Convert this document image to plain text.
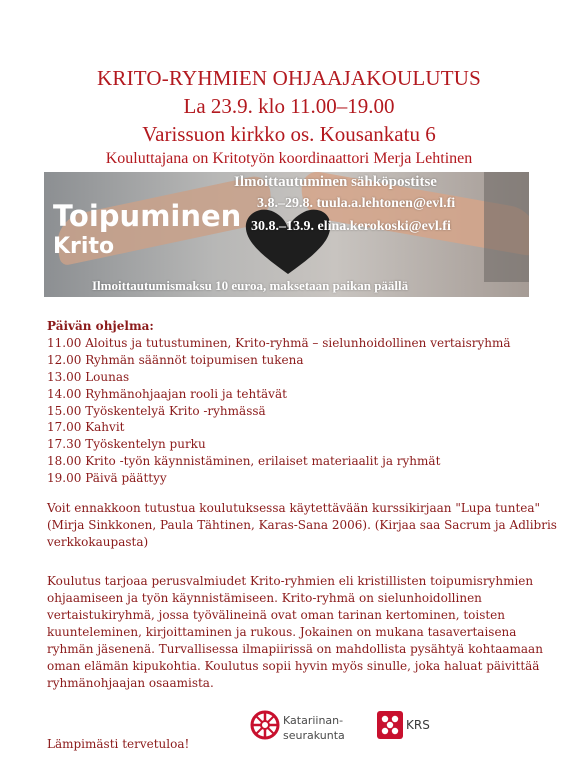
KRITO-RYHMIEN OHJAAJAKOULUTUS
La 23.9. klo 11.00–19.00
Varissuon kirkko os. Kousankatu 6
Kouluttajana on Kritotyön koordinaattori Merja Lehtinen
Toipuminen
Krito
Ilmoittautuminen sähköpostitse
3.8.–29.8. tuula.a.lehtonen@evl.fi
30.8.–13.9. elina.kerokoski@evl.fi
Ilmoittautumismaksu 10 euroa, maksetaan paikan päällä
Päivän ohjelma:
11.00 Aloitus ja tutustuminen, Krito-ryhmä – sielunhoidollinen vertaisryhmä
12.00 Ryhmän säännöt toipumisen tukena
13.00 Lounas
14.00 Ryhmänohjaajan rooli ja tehtävät
15.00 Työskentelyä Krito -ryhmässä
17.00 Kahvit
17.30 Työskentelyn purku
18.00 Krito -työn käynnistäminen, erilaiset materiaalit ja ryhmät
19.00 Päivä päättyy
Voit ennakkoon tutustua koulutuksessa käytettävään kurssikirjaan "Lupa tuntea"
(Mirja Sinkkonen, Paula Tähtinen, Karas-Sana 2006). (Kirjaa saa Sacrum ja Adlibris
verkkokaupasta)
Koulutus tarjoaa perusvalmiudet Krito-ryhmien eli kristillisten toipumisryhmien
ohjaamiseen ja työn käynnistämiseen. Krito-ryhmä on sielunhoidollinen
vertaistukiryhmä, jossa työvälineinä ovat oman tarinan kertominen, toisten
kuunteleminen, kirjoittaminen ja rukous. Jokainen on mukana tasavertaisena
ryhmän jäsenenä. Turvallisessa ilmapiirissä on mahdollista pysähtyä kohtaamaan
oman elämän kipukohtia. Koulutus sopii hyvin myös sinulle, joka haluat päivittää
ryhmänohjaajan osaamista.
Lämpimästi tervetuloa!
Katariinan-
seurakunta
KRS
